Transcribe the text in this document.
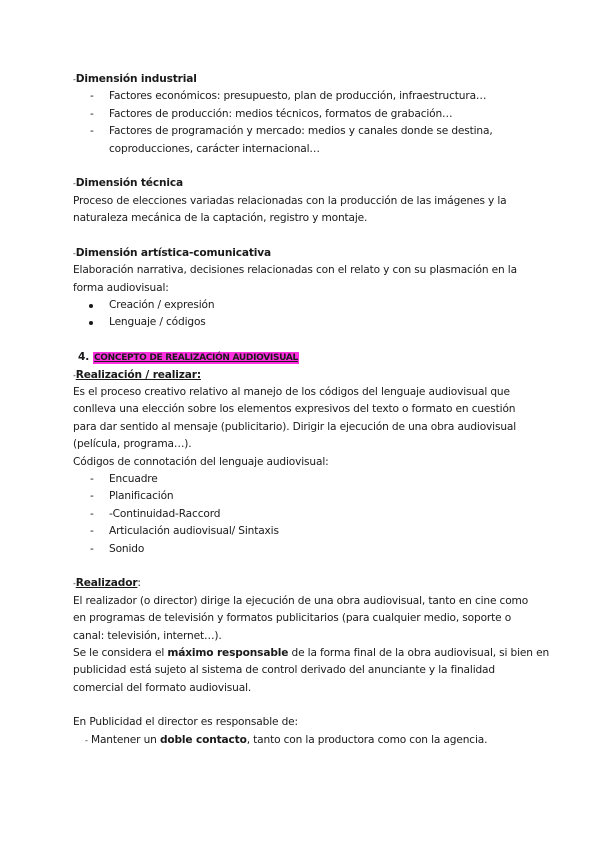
-Dimensión industrial
- Factores económicos: presupuesto, plan de producción, infraestructura…
- Factores de producción: medios técnicos, formatos de grabación…
- Factores de programación y mercado: medios y canales donde se destina,
coproducciones, carácter internacional…
-Dimensión técnica
Proceso de elecciones variadas relacionadas con la producción de las imágenes y la
naturaleza mecánica de la captación, registro y montaje.
-Dimensión artística-comunicativa
Elaboración narrativa, decisiones relacionadas con el relato y con su plasmación en la
forma audiovisual:
Creación / expresión
Lenguaje / códigos
4. CONCEPTO DE REALIZACIÓN AUDIOVISUAL
-Realización / realizar:
Es el proceso creativo relativo al manejo de los códigos del lenguaje audiovisual que
conlleva una elección sobre los elementos expresivos del texto o formato en cuestión
para dar sentido al mensaje (publicitario). Dirigir la ejecución de una obra audiovisual
(película, programa…).
Códigos de connotación del lenguaje audiovisual:
- Encuadre
- Planificación
- -Continuidad-Raccord
- Articulación audiovisual/ Sintaxis
- Sonido
-Realizador:
El realizador (o director) dirige la ejecución de una obra audiovisual, tanto en cine como
en programas de televisión y formatos publicitarios (para cualquier medio, soporte o
canal: televisión, internet…).
Se le considera el máximo responsable de la forma final de la obra audiovisual, si bien en
publicidad está sujeto al sistema de control derivado del anunciante y la finalidad
comercial del formato audiovisual.
En Publicidad el director es responsable de:
- Mantener un doble contacto, tanto con la productora como con la agencia.
